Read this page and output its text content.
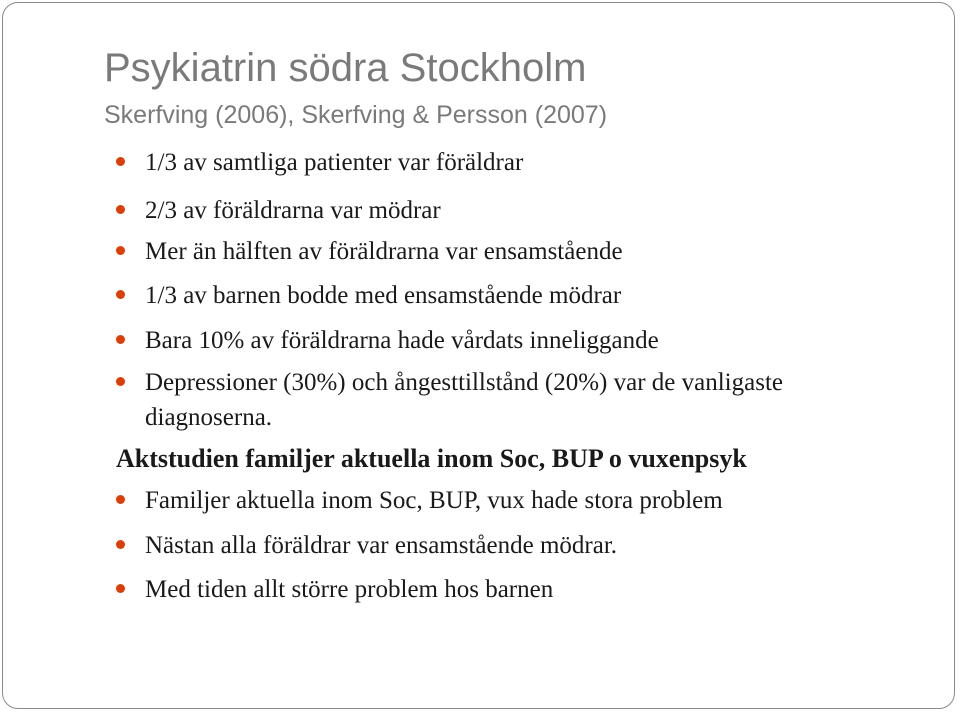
Psykiatrin södra Stockholm
Skerfving (2006), Skerfving & Persson (2007)
1/3 av samtliga patienter var föräldrar
2/3 av föräldrarna var mödrar
Mer än hälften av föräldrarna var ensamstående
1/3 av barnen bodde med ensamstående mödrar
Bara 10% av föräldrarna hade vårdats inneliggande
Depressioner (30%) och ångesttillstånd (20%) var de vanligaste
diagnoserna.
Aktstudien familjer aktuella inom Soc, BUP o vuxenpsyk
Familjer aktuella inom Soc, BUP, vux hade stora problem
Nästan alla föräldrar var ensamstående mödrar.
Med tiden allt större problem hos barnen
